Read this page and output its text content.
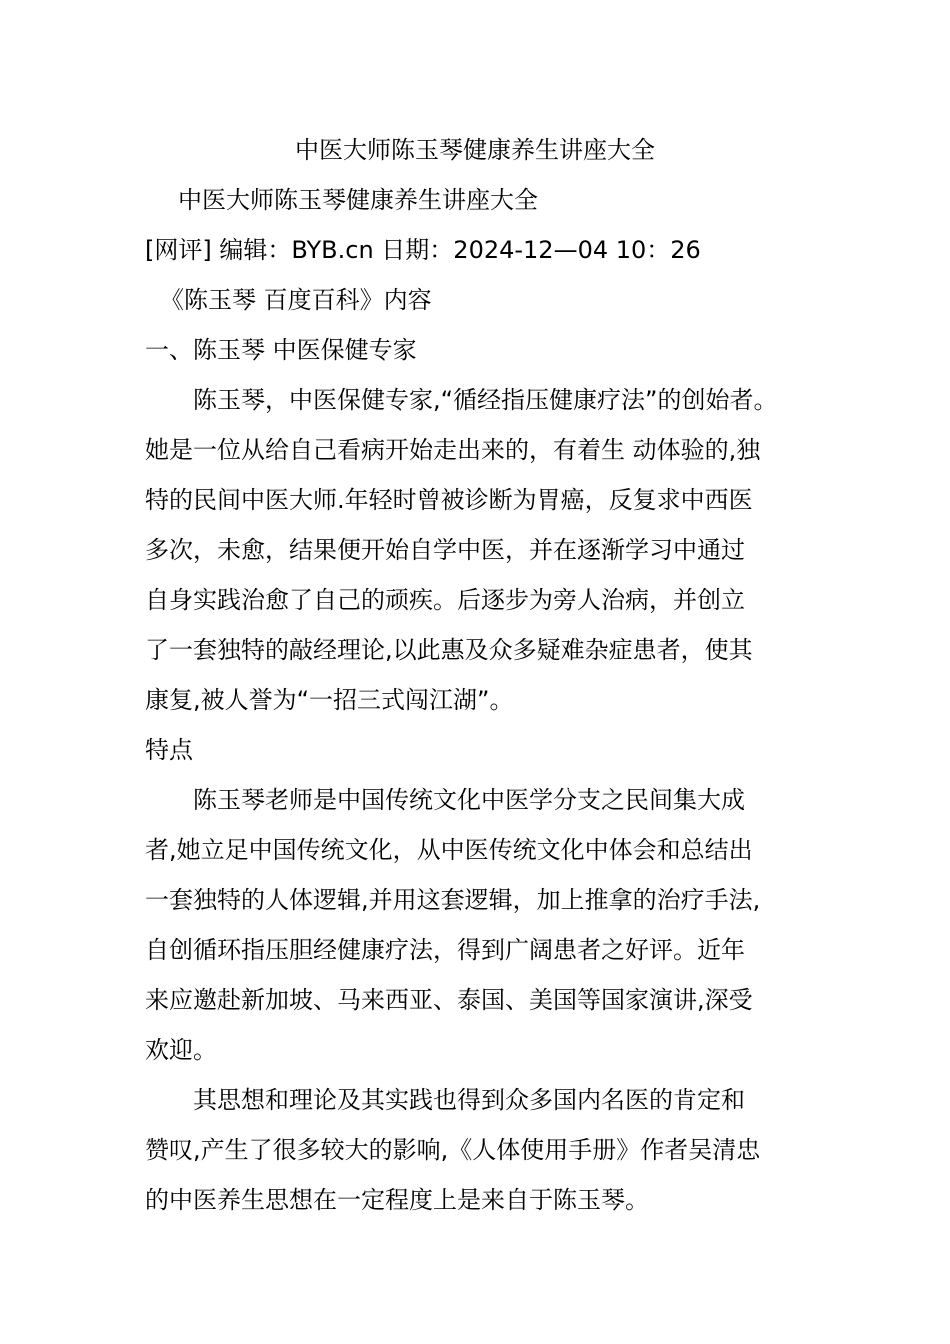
中医大师陈玉琴健康养生讲座大全
中医大师陈玉琴健康养生讲座大全
[网评] 编辑：BYB.cn 日期：2024-12—04 10：26
《陈玉琴 百度百科》内容
一、陈玉琴 中医保健专家
陈玉琴，中医保健专家,“循经指压健康疗法”的创始者。
她是一位从给自己看病开始走出来的，有着生 动体验的,独
特的民间中医大师.年轻时曾被诊断为胃癌，反复求中西医
多次，未愈，结果便开始自学中医，并在逐渐学习中通过
自身实践治愈了自己的顽疾。后逐步为旁人治病，并创立
了一套独特的敲经理论,以此惠及众多疑难杂症患者，使其
康复,被人誉为“一招三式闯江湖”。
特点
陈玉琴老师是中国传统文化中医学分支之民间集大成
者,她立足中国传统文化，从中医传统文化中体会和总结出
一套独特的人体逻辑,并用这套逻辑，加上推拿的治疗手法,
自创循环指压胆经健康疗法，得到广阔患者之好评。近年
来应邀赴新加坡、马来西亚、泰国、美国等国家演讲,深受
欢迎。
其思想和理论及其实践也得到众多国内名医的肯定和
赞叹,产生了很多较大的影响,《人体使用手册》作者吴清忠
的中医养生思想在一定程度上是来自于陈玉琴。
